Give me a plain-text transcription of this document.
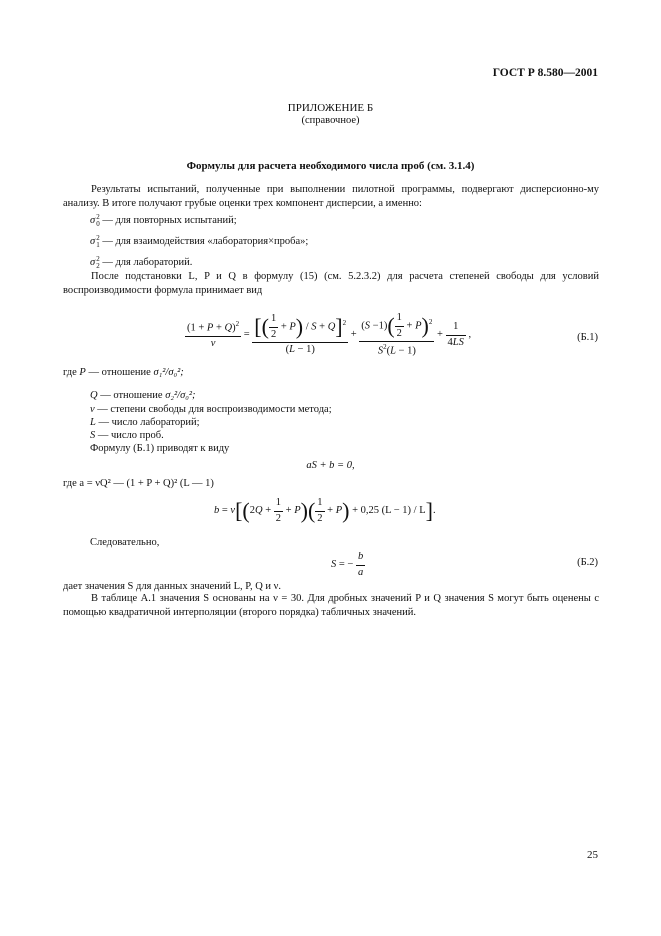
ГОСТ Р 8.580—2001
ПРИЛОЖЕНИЕ Б
(справочное)
Формулы для расчета необходимого числа проб (см. 3.1.4)
Результаты испытаний, полученные при выполнении пилотной программы, подвергают дисперсионно-му анализу. В итоге получают грубые оценки трех компонент дисперсии, а именно:
σ 2
0 — для повторных испытаний;
σ 2
1 — для взаимодействия «лаборатория×проба»;
σ 2
2 — для лабораторий.
После подстановки L, P и Q в формулу (15) (см. 5.2.3.2) для расчета степеней свободы для условий воспроизводимости формула принимает вид
$\frac{(1 + P + Q)^2}{\nu} = \frac{[( \frac{1}{2} + P) / S + Q]^2}{(L - 1)} + \frac{(S -1)( \frac{1}{2} + P)^2}{S^2(L - 1)} + \frac{1}{4LS}$ ,	(Б.1)
где P — отношение σ₁²/σ₀²;
Q — отношение σ₂²/σ₀²;
ν — степени свободы для воспроизводимости метода;
L — число лабораторий;
S — число проб.
Формулу (Б.1) приводят к виду
aS + b = 0,
где a = νQ² — (1 + P + Q)² (L — 1)
$b = \nu[(2Q + \frac{1}{2} + P)( \frac{1}{2} + P) + 0,25$ (L − 1) / L].
Следовательно,
S = − $\frac{b}{a}$	(Б.2)
дает значения S для данных значений L, P, Q и ν.
В таблице А.1 значения S основаны на ν = 30. Для дробных значений P и Q значения S могут быть оценены с помощью квадратичной интерполяции (второго порядка) табличных значений.
25
